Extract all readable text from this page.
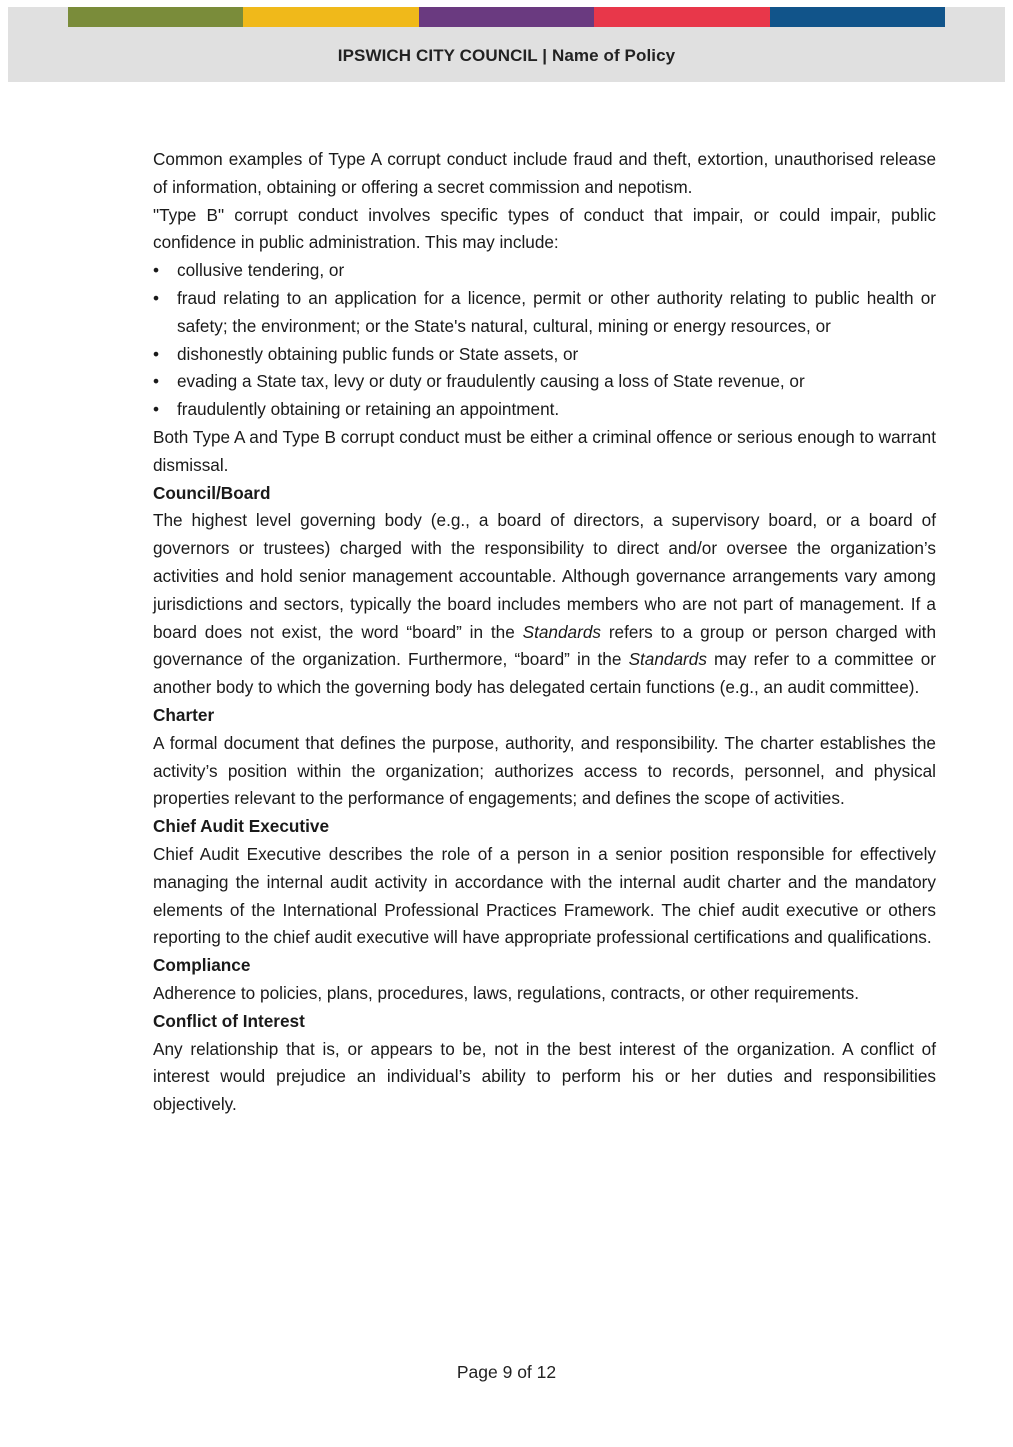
IPSWICH CITY COUNCIL | Name of Policy

Common examples of Type A corrupt conduct include fraud and theft, extortion, unauthorised release of information, obtaining or offering a secret commission and nepotism.

"Type B" corrupt conduct involves specific types of conduct that impair, or could impair, public confidence in public administration. This may include:

• collusive tendering, or
• fraud relating to an application for a licence, permit or other authority relating to public health or safety; the environment; or the State's natural, cultural, mining or energy resources, or
• dishonestly obtaining public funds or State assets, or
• evading a State tax, levy or duty or fraudulently causing a loss of State revenue, or
• fraudulently obtaining or retaining an appointment.

Both Type A and Type B corrupt conduct must be either a criminal offence or serious enough to warrant dismissal.

Council/Board

The highest level governing body (e.g., a board of directors, a supervisory board, or a board of governors or trustees) charged with the responsibility to direct and/or oversee the organization’s activities and hold senior management accountable. Although governance arrangements vary among jurisdictions and sectors, typically the board includes members who are not part of management. If a board does not exist, the word “board” in the Standards refers to a group or person charged with governance of the organization. Furthermore, “board” in the Standards may refer to a committee or another body to which the governing body has delegated certain functions (e.g., an audit committee).

Charter

A formal document that defines the purpose, authority, and responsibility. The charter establishes the activity’s position within the organization; authorizes access to records, personnel, and physical properties relevant to the performance of engagements; and defines the scope of activities.

Chief Audit Executive

Chief Audit Executive describes the role of a person in a senior position responsible for effectively managing the internal audit activity in accordance with the internal audit charter and the mandatory elements of the International Professional Practices Framework. The chief audit executive or others reporting to the chief audit executive will have appropriate professional certifications and qualifications.

Compliance

Adherence to policies, plans, procedures, laws, regulations, contracts, or other requirements.

Conflict of Interest

Any relationship that is, or appears to be, not in the best interest of the organization. A conflict of interest would prejudice an individual’s ability to perform his or her duties and responsibilities objectively.

Page 9 of 12
